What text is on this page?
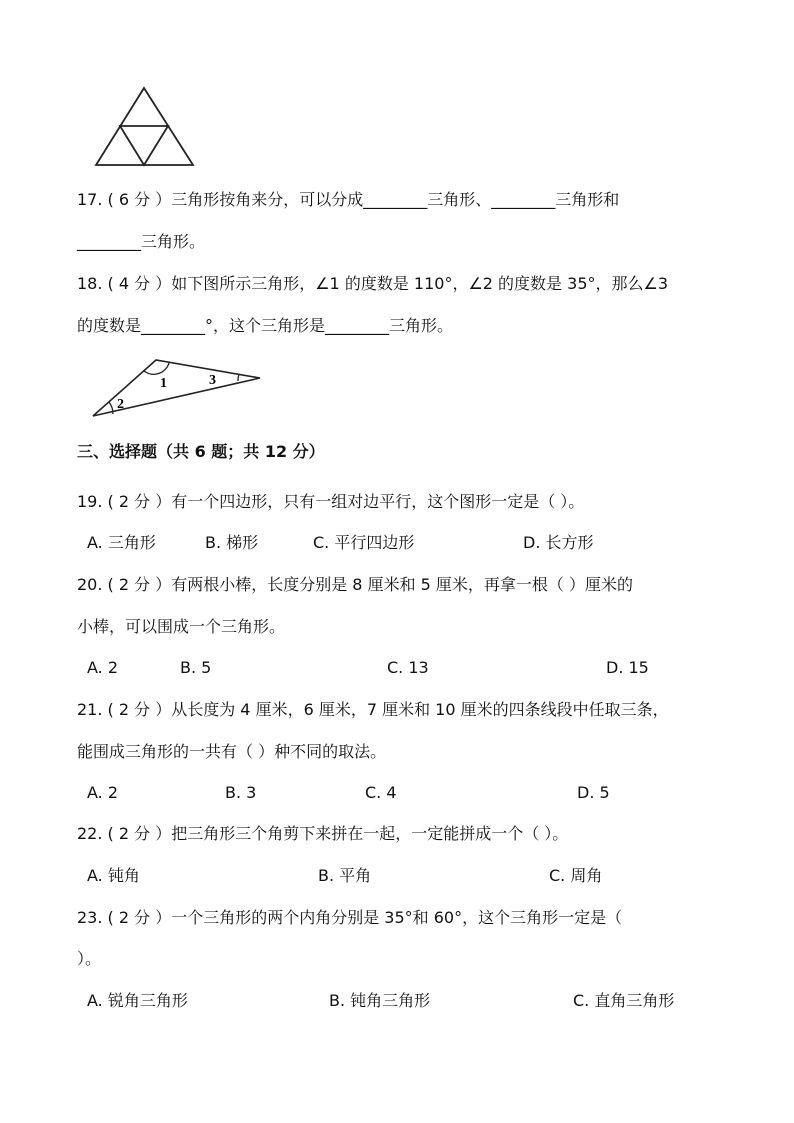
17. ( 6 分 ）三角形按角来分，可以分成________三角形、________三角形和
________三角形。
18. ( 4 分 ）如下图所示三角形，∠1 的度数是 110°，∠2 的度数是 35°，那么∠3
的度数是________°，这个三角形是________三角形。
1
2
3
三、选择题（共 6 题；共 12 分）
19. ( 2 分 ）有一个四边形，只有一组对边平行，这个图形一定是（ ）。
A. 三角形	B. 梯形	C. 平行四边形	D. 长方形
20. ( 2 分 ）有两根小棒，长度分别是 8 厘米和 5 厘米，再拿一根（ ）厘米的
小棒，可以围成一个三角形。
A. 2	B. 5	C. 13	D. 15
21. ( 2 分 ）从长度为 4 厘米，6 厘米，7 厘米和 10 厘米的四条线段中任取三条，
能围成三角形的一共有（ ）种不同的取法。
A. 2	B. 3	C. 4	D. 5
22. ( 2 分 ）把三角形三个角剪下来拼在一起，一定能拼成一个（ ）。
A. 钝角	B. 平角	C. 周角
23. ( 2 分 ）一个三角形的两个内角分别是 35°和 60°，这个三角形一定是（
）。
A. 锐角三角形	B. 钝角三角形	C. 直角三角形
